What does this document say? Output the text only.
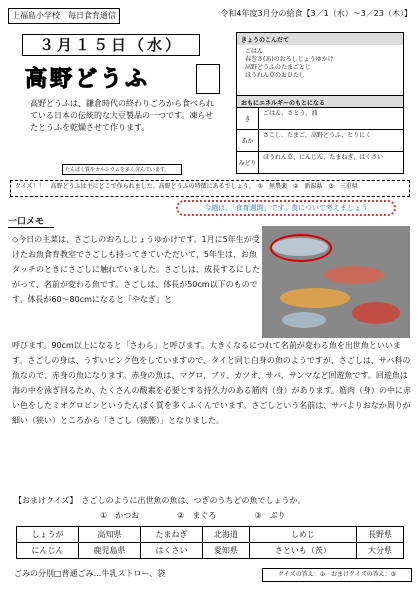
上福島小学校　毎日食育通信	令和4年度3月分の給食【3／1（水）～3／23（木）】
３月１５日（水）
高野どうふ
高野どうふは、鎌倉時代の終わりごろから食べられている日本の伝統的な大豆製品の一つです。凍らせたとうふを乾燥させて作ります。
たんぱく質やカルシウムを多く含んでいます。
きょうのこんだて
ごはん
春巻さ(あ)のおろしじょうゆかけ
高野どうふのたまごとじ
ほうれん草のおひたし
おもにエネルギーのもとになる
き
ごはん、さとう、油
あか
さこし、たまご、高野どうふ、とりにく
みどり
ほうれん草、にんじん、たまねぎ、はくさい
クイズ！！　高野どうふは主にどこで作られました。高野どうふの特徴にあるでしょう。　①　無農薬　②　新潟県　③　三重県
今週は、「食育週間」です。食について考えましょう
一口メモ
◇今日の主菜は、さごしのおろしじょうゆかけです。1月に5年生が受けたお魚食育教室でさごしも持ってきていただいて、5年生は、お魚タッチのときにさごしに触れていました。さごしは、成長するにしたがって、名前が変わる魚です。さごしは、体長が50cm以下のものです。体長が60～80cmになると「やなぎ」と
呼びます。90cm以上になると「さわら」と呼びます。大きくなるにつれて名前が変わる魚を出世魚といいます。さごしの身は、うすいピンク色をしていますので、タイと同じ白身の魚のようですが、さごしは、サバ科の魚なので、赤身の魚になります。赤身の魚は、マグロ、ブリ、カツオ、サバ、サンマなど回遊魚です。回遊魚は海の中を泳ぎ回るため、たくさんの酸素を必要とする持久力のある筋肉（身）があります。筋肉（身）の中に赤い色をしたミオグロビンというたんぱく質を多くふくんでいます。さごしという名前は、サバよりおなか周りが細い（狭い）ところから「さごし（狭腰）」となりました。
【おまけクイズ】　さごしのように出世魚の魚は、つぎのうちどの魚でしょうか。
①　かつお	②　まぐろ	③　ぶり
しょうが	高知県	たまねぎ	北海道	しめじ	長野県
にんじん	鹿児島県	はくさい	愛知県	さといも（茨）	大分県
ごみの分別□普通ごみ…牛乳ストロー、袋	クイズの答え：②　おまけクイズの答え：③
